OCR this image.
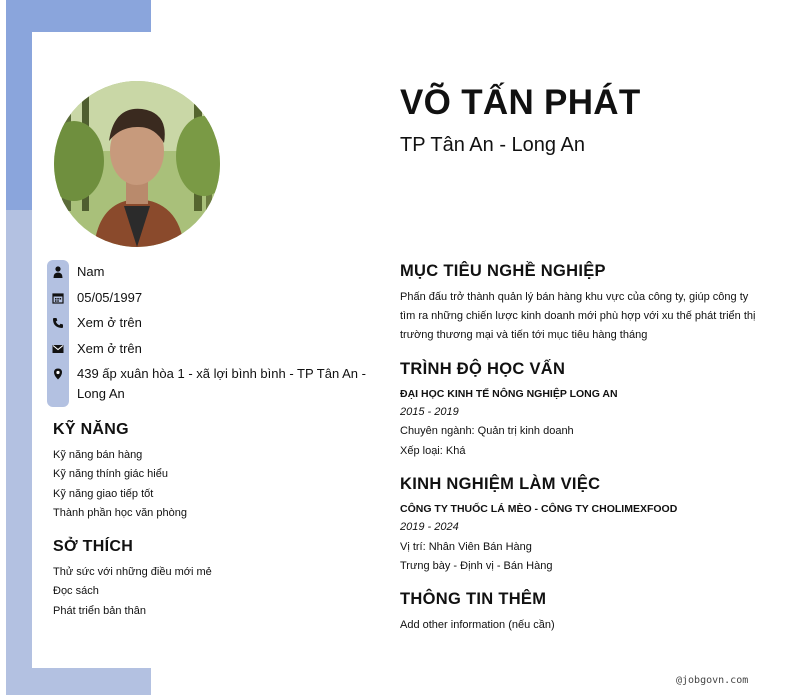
VÕ TẤN PHÁT
TP Tân An - Long An
Nam
05/05/1997
Xem ở trên
Xem ở trên
439 ấp xuân hòa 1 - xã lợi bình bình - TP Tân An -
Long An
KỸ NĂNG
Kỹ năng bán hàng
Kỹ năng thính giác hiểu
Kỹ năng giao tiếp tốt
Thành phần học văn phòng
SỞ THÍCH
Thử sức với những điều mới mẻ
Đọc sách
Phát triển bản thân
MỤC TIÊU NGHỀ NGHIỆP
Phấn đấu trở thành quản lý bán hàng khu vực của công ty, giúp công ty
tìm ra những chiến lược kinh doanh mới phù hợp với xu thế phát triển thị
trường thương mại và tiến tới mục tiêu hàng tháng
TRÌNH ĐỘ HỌC VẤN
ĐẠI HỌC KINH TẾ NÔNG NGHIỆP LONG AN
2015 - 2019
Chuyên ngành: Quản trị kinh doanh
Xếp loại: Khá
KINH NGHIỆM LÀM VIỆC
CÔNG TY THUỐC LÁ MÈO - CÔNG TY CHOLIMEXFOOD
2019 - 2024
Vị trí: Nhân Viên Bán Hàng
Trưng bày - Định vị - Bán Hàng
THÔNG TIN THÊM
Add other information (nếu cần)
@jobgovn.com
